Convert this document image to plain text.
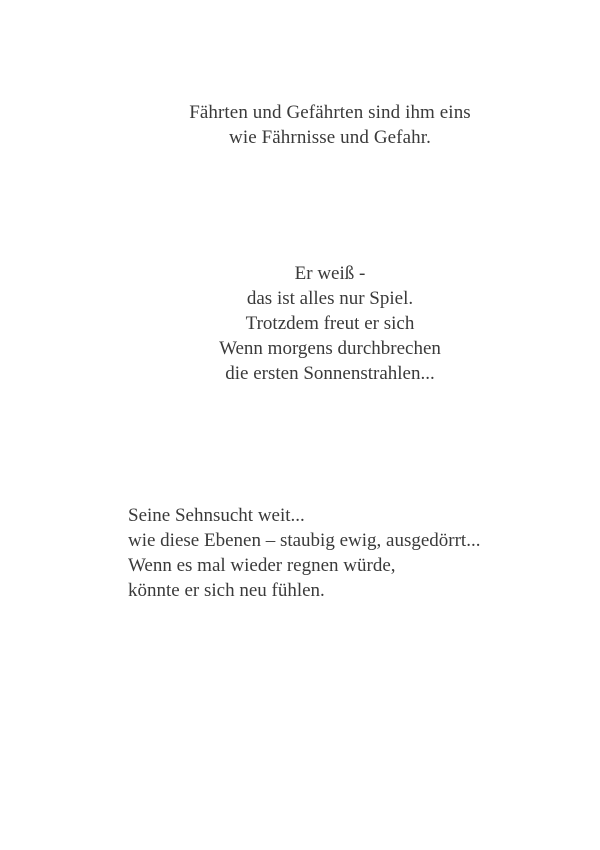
Fährten und Gefährten sind ihm eins
wie Fährnisse und Gefahr.
Er weiß -
das ist alles nur Spiel.
Trotzdem freut er sich
Wenn morgens durchbrechen
die ersten Sonnenstrahlen...
Seine Sehnsucht weit...
wie diese Ebenen – staubig ewig, ausgedörrt...
Wenn es mal wieder regnen würde,
könnte er sich neu fühlen.
